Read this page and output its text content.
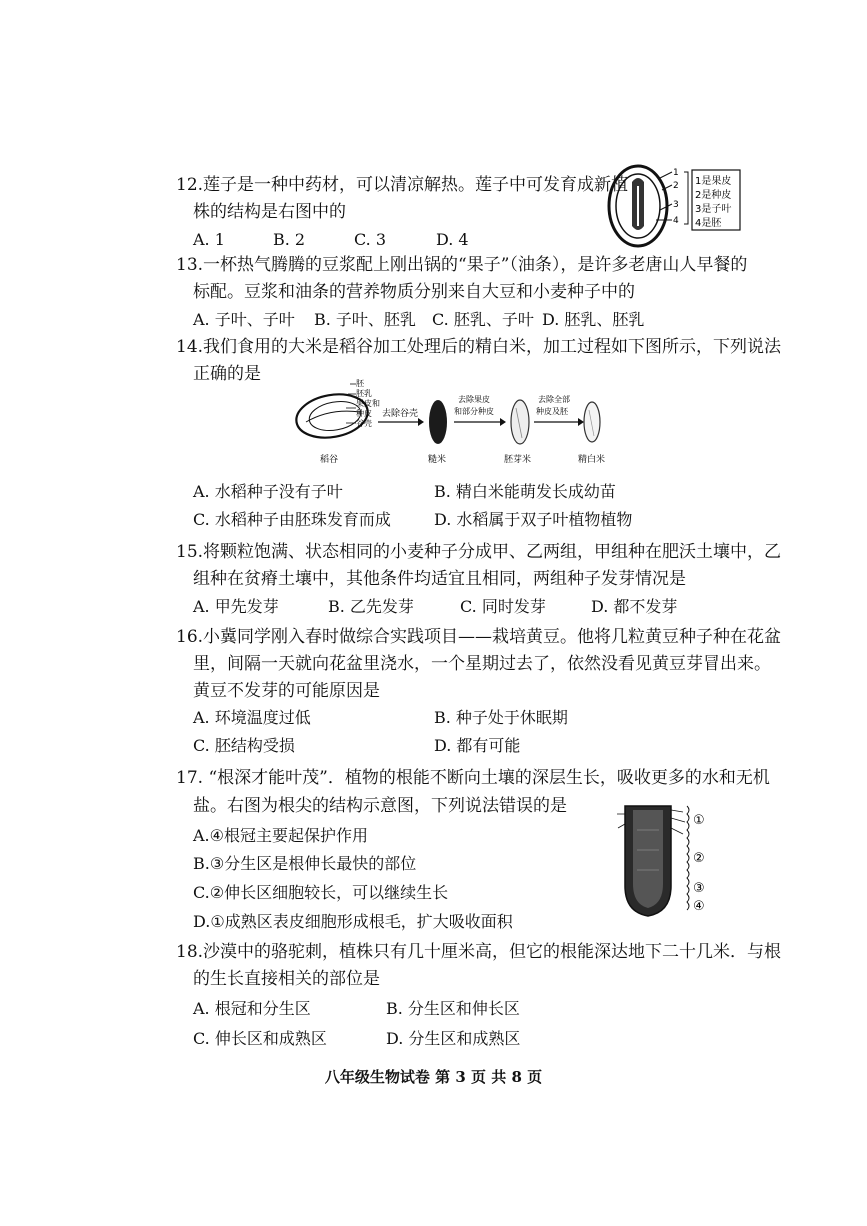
12.莲子是一种中药材，可以清凉解热。莲子中可发育成新植
株的结构是右图中的
A. 1	B. 2	C. 3	D. 4
1
2
3
4
1是果皮
2是种皮
3是子叶
4是胚
13.一杯热气腾腾的豆浆配上刚出锅的“果子”（油条），是许多老唐山人早餐的
标配。豆浆和油条的营养物质分别来自大豆和小麦种子中的
A. 子叶、子叶 B. 子叶、胚乳 C. 胚乳、子叶 D. 胚乳、胚乳
14.我们食用的大米是稻谷加工处理后的精白米，加工过程如下图所示，下列说法
正确的是	胚
胚乳
果皮和
种皮
谷壳
稻谷
去除谷壳
糙米
去除果皮
和部分种皮
胚芽米
去除全部
种皮及胚
精白米
A. 水稻种子没有子叶	B. 精白米能萌发长成幼苗
C. 水稻种子由胚珠发育而成	D. 水稻属于双子叶植物植物
15.将颗粒饱满、状态相同的小麦种子分成甲、乙两组，甲组种在肥沃土壤中，乙
组种在贫瘠土壤中，其他条件均适宜且相同，两组种子发芽情况是
A. 甲先发芽	B. 乙先发芽	C. 同时发芽	D. 都不发芽
16.小冀同学刚入春时做综合实践项目——栽培黄豆。他将几粒黄豆种子种在花盆
里，间隔一天就向花盆里浇水，一个星期过去了，依然没看见黄豆芽冒出来。
黄豆不发芽的可能原因是
A. 环境温度过低	B. 种子处于休眠期
C. 胚结构受损	D. 都有可能
17. “根深才能叶茂”．植物的根能不断向土壤的深层生长，吸收更多的水和无机
盐。右图为根尖的结构示意图，下列说法错误的是
A.④根冠主要起保护作用
B.③分生区是根伸长最快的部位
C.②伸长区细胞较长，可以继续生长
D.①成熟区表皮细胞形成根毛，扩大吸收面积
①
②
③
④
18.沙漠中的骆驼刺，植株只有几十厘米高，但它的根能深达地下二十几米．与根
的生长直接相关的部位是
A. 根冠和分生区	B. 分生区和伸长区
C. 伸长区和成熟区	D. 分生区和成熟区
八年级生物试卷 第 3 页 共 8 页
